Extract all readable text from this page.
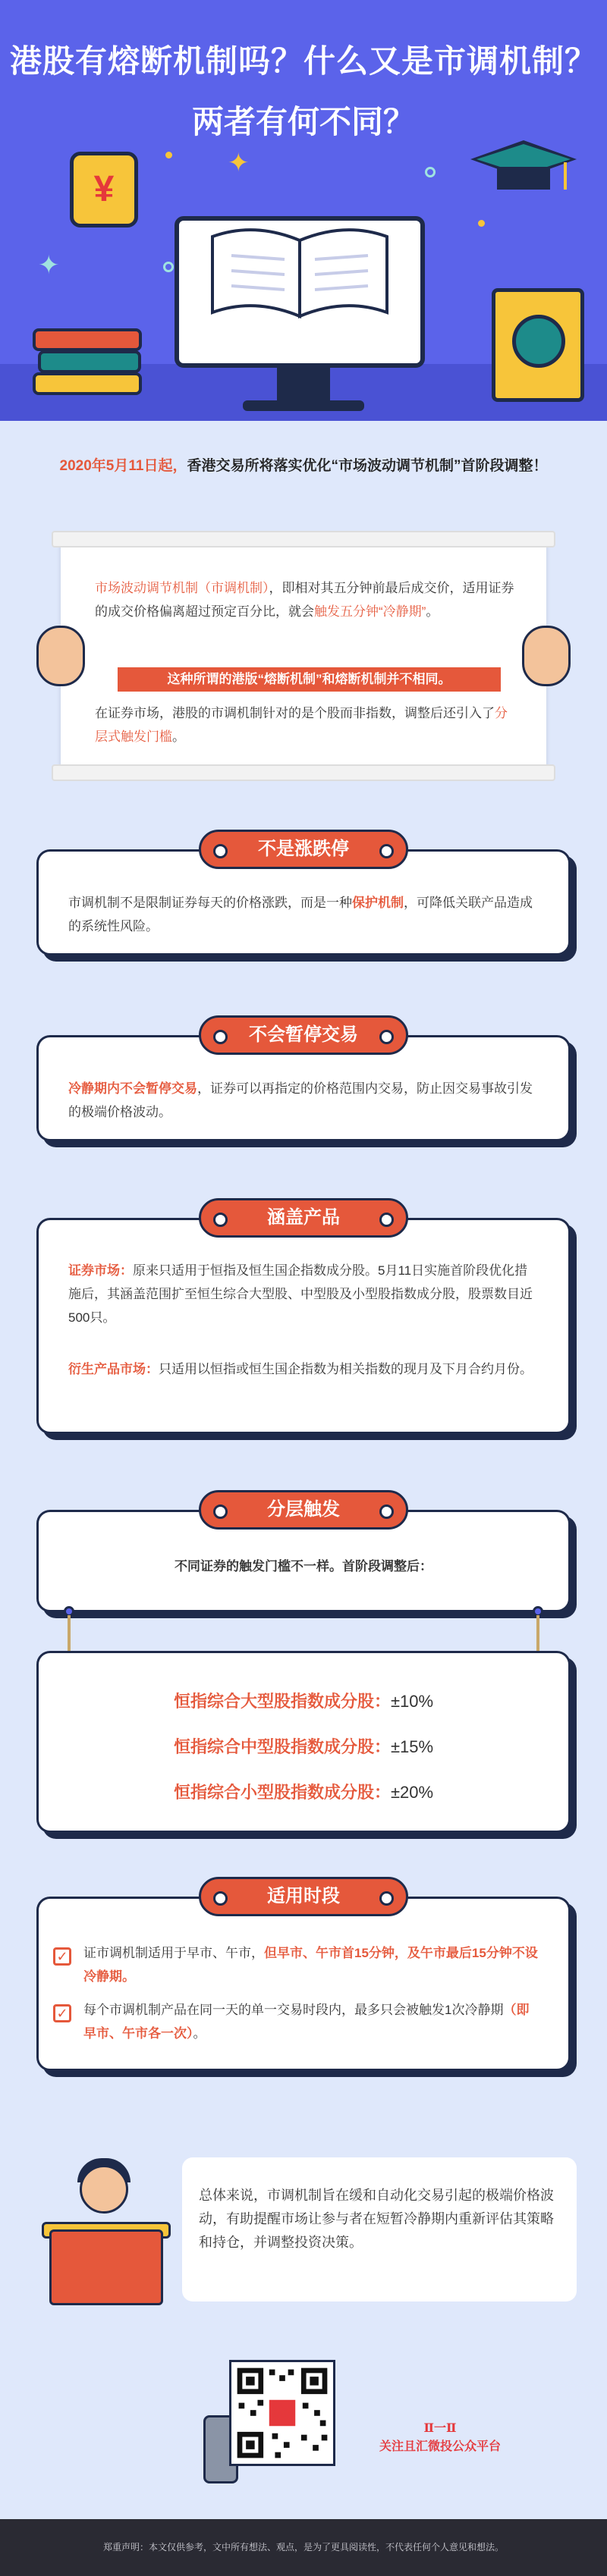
港股有熔断机制吗？什么又是市调机制？
两者有何不同？
✦
✦
¥
2020年5月11日起，香港交易所将落实优化“市场波动调节机制”首阶段调整！
市场波动调节机制（市调机制），即相对其五分钟前最后成交价，适用证券的成交价格偏离超过预定百分比，就会触发五分钟“冷静期”。
这种所谓的港版“熔断机制”和熔断机制并不相同。
在证券市场，港股的市调机制针对的是个股而非指数，调整后还引入了分层式触发门槛。
不是涨跌停
市调机制不是限制证券每天的价格涨跌，而是一种保护机制，可降低关联产品造成的系统性风险。
不会暂停交易
冷静期内不会暂停交易，证券可以再指定的价格范围内交易，防止因交易事故引发的极端价格波动。
涵盖产品
证券市场：原来只适用于恒指及恒生国企指数成分股。5月11日实施首阶段优化措施后，其涵盖范围扩至恒生综合大型股、中型股及小型股指数成分股，股票数目近500只。
衍生产品市场：只适用以恒指或恒生国企指数为相关指数的现月及下月合约月份。
分层触发
不同证券的触发门槛不一样。首阶段调整后：
恒指综合大型股指数成分股：±10%
恒指综合中型股指数成分股：±15%
恒指综合小型股指数成分股：±20%
适用时段
✓ 证市调机制适用于早市、午市，但早市、午市首15分钟，及午市最后15分钟不设冷静期。
✓ 每个市调机制产品在同一天的单一交易时段内，最多只会被触发1次冷静期（即早市、午市各一次）。
总体来说，市调机制旨在缓和自动化交易引起的极端价格波动，有助提醒市场让参与者在短暂冷静期内重新评估其策略和持仓，并调整投资决策。
Ⅱ一Ⅱ
关注且汇微投公众平台
郑重声明：本文仅供参考，文中所有想法、观点，是为了更具阅读性，不代表任何个人意见和想法。
